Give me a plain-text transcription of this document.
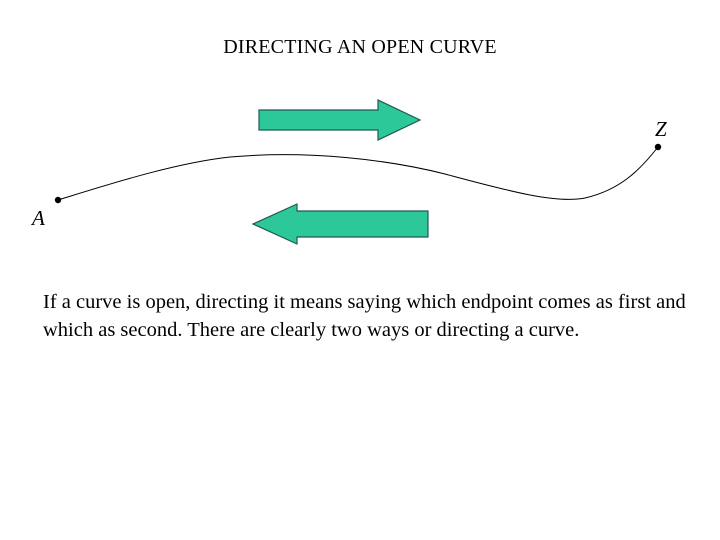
DIRECTING AN OPEN CURVE
Z
A
If a curve is open, directing it means saying which endpoint comes as first and which as second. There are clearly two ways or directing a curve.
